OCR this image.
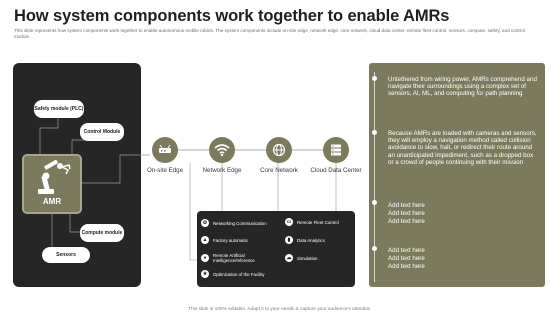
How system components work together to enable AMRs
This slide represents how system components work together to enable autonomous mobile robots. The system components include on-site edge, network edge, core network, cloud data center, remote fleet control, sensors, compute, safety, and control module.
Safety module (PLC)
Control Module
AMR
Compute module
Sensors
On-site Edge	Network Edge	Core Network	Cloud Data Center
⚙	Networking Communication	▭	Remote Fleet Control
▲	Factory automatic	▮	Data Analytics
●	Remote Artificial Intelligence/Inference	☁	Simulation
★	Optimization of the Facility
Untethered from wiring power, AMRs comprehend and navigate their surroundings using a complex set of sensors, AI, ML, and computing for path planning
Because AMRs are loaded with cameras and sensors, they will employ a navigation method called collision avoidance to slow, halt, or redirect their route around an unanticipated impediment, such as a dropped box or a crowd of people continuing with their mission
Add text here
Add text here
Add text here
Add text here
Add text here
Add text here
This slide is 100% editable. Adapt it to your needs & capture your audience's attention.
